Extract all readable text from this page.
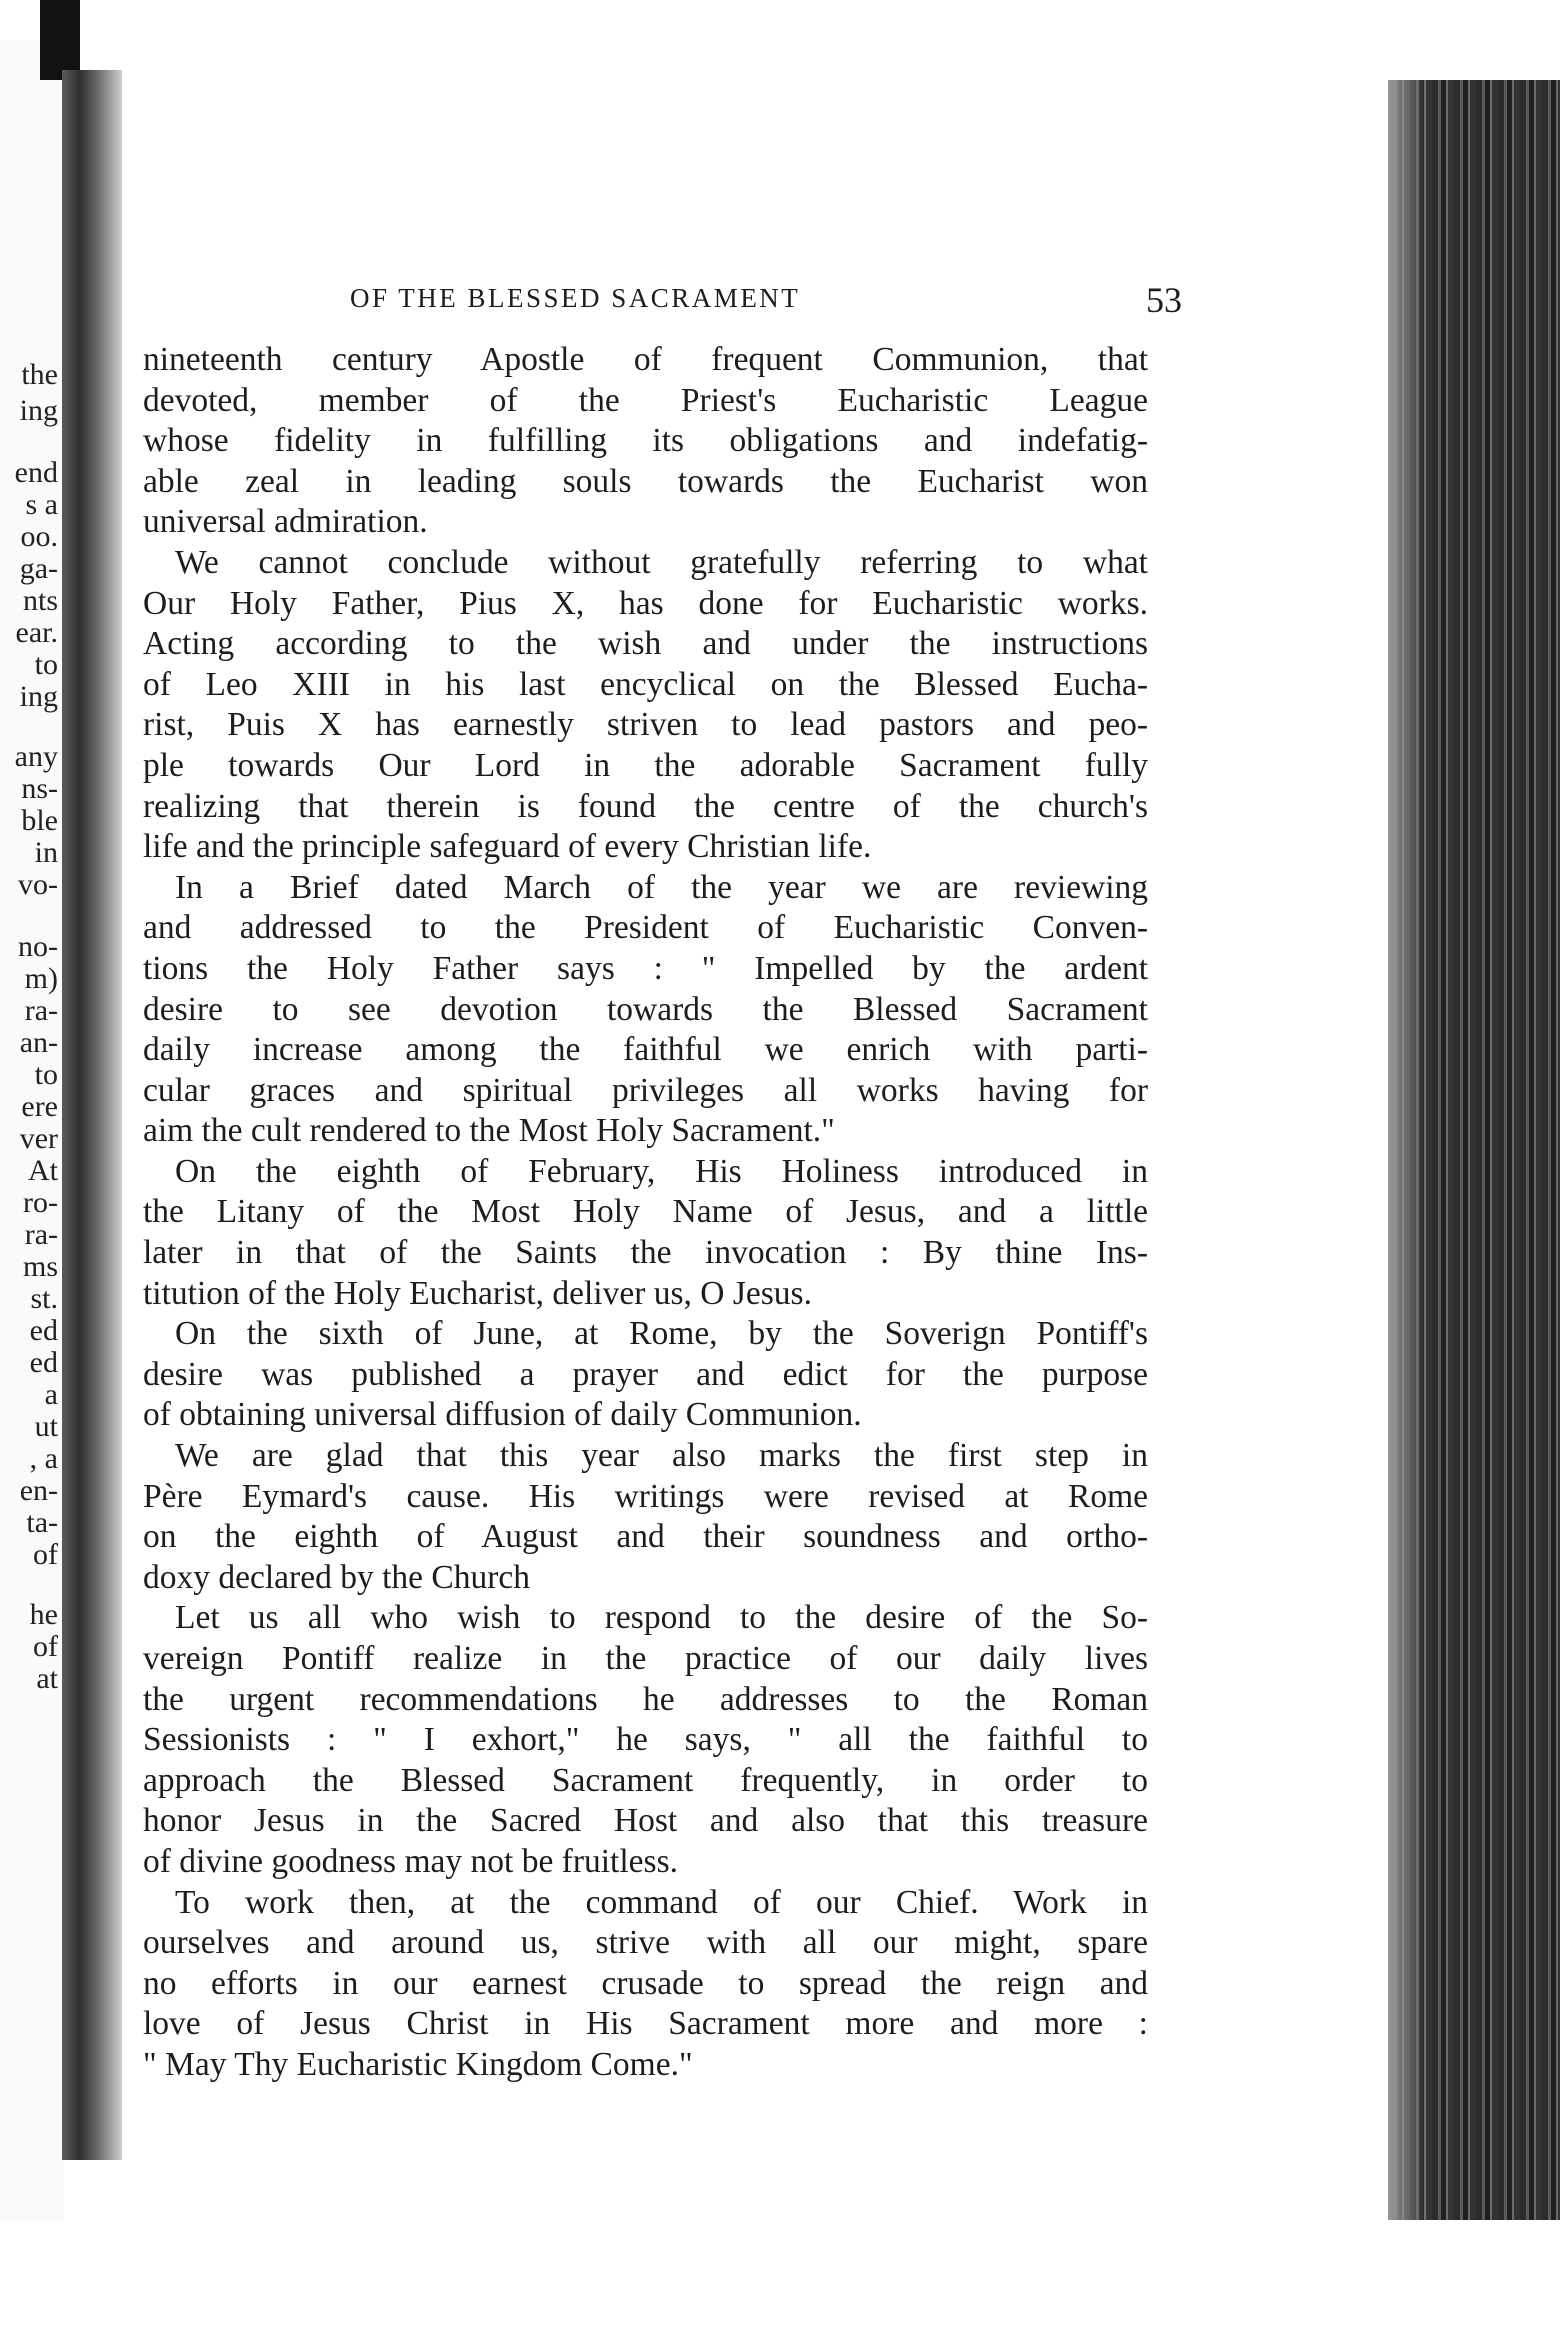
the
ing
end
s a
oo.
ga-
nts
ear.
to
ing
any
ns-
ble
in
vo-
no-
m)
ra-
an-
to
ere
ver
At
ro-
ra-
ms
st.
ed
ed
a
ut
, a
en-
ta-
of
he
of
at
OF THE BLESSED SACRAMENT	53
nineteenth century Apostle of frequent Communion, that
devoted, member of the Priest's Eucharistic League
whose fidelity in fulfilling its obligations and indefatig-
able zeal in leading souls towards the Eucharist won
universal admiration.
We cannot conclude without gratefully referring to what
Our Holy Father, Pius X, has done for Eucharistic works.
Acting according to the wish and under the instructions
of Leo XIII in his last encyclical on the Blessed Eucha-
rist, Puis X has earnestly striven to lead pastors and peo-
ple towards Our Lord in the adorable Sacrament fully
realizing that therein is found the centre of the church's
life and the principle safeguard of every Christian life.
In a Brief dated March of the year we are reviewing
and addressed to the President of Eucharistic Conven-
tions the Holy Father says : " Impelled by the ardent
desire to see devotion towards the Blessed Sacrament
daily increase among the faithful we enrich with parti-
cular graces and spiritual privileges all works having for
aim the cult rendered to the Most Holy Sacrament."
On the eighth of February, His Holiness introduced in
the Litany of the Most Holy Name of Jesus, and a little
later in that of the Saints the invocation : By thine Ins-
titution of the Holy Eucharist, deliver us, O Jesus.
On the sixth of June, at Rome, by the Soverign Pontiff's
desire was published a prayer and edict for the purpose
of obtaining universal diffusion of daily Communion.
We are glad that this year also marks the first step in
Père Eymard's cause. His writings were revised at Rome
on the eighth of August and their soundness and ortho-
doxy declared by the Church
Let us all who wish to respond to the desire of the So-
vereign Pontiff realize in the practice of our daily lives
the urgent recommendations he addresses to the Roman
Sessionists : " I exhort," he says, " all the faithful to
approach the Blessed Sacrament frequently, in order to
honor Jesus in the Sacred Host and also that this treasure
of divine goodness may not be fruitless.
To work then, at the command of our Chief. Work in
ourselves and around us, strive with all our might, spare
no efforts in our earnest crusade to spread the reign and
love of Jesus Christ in His Sacrament more and more :
" May Thy Eucharistic Kingdom Come."
